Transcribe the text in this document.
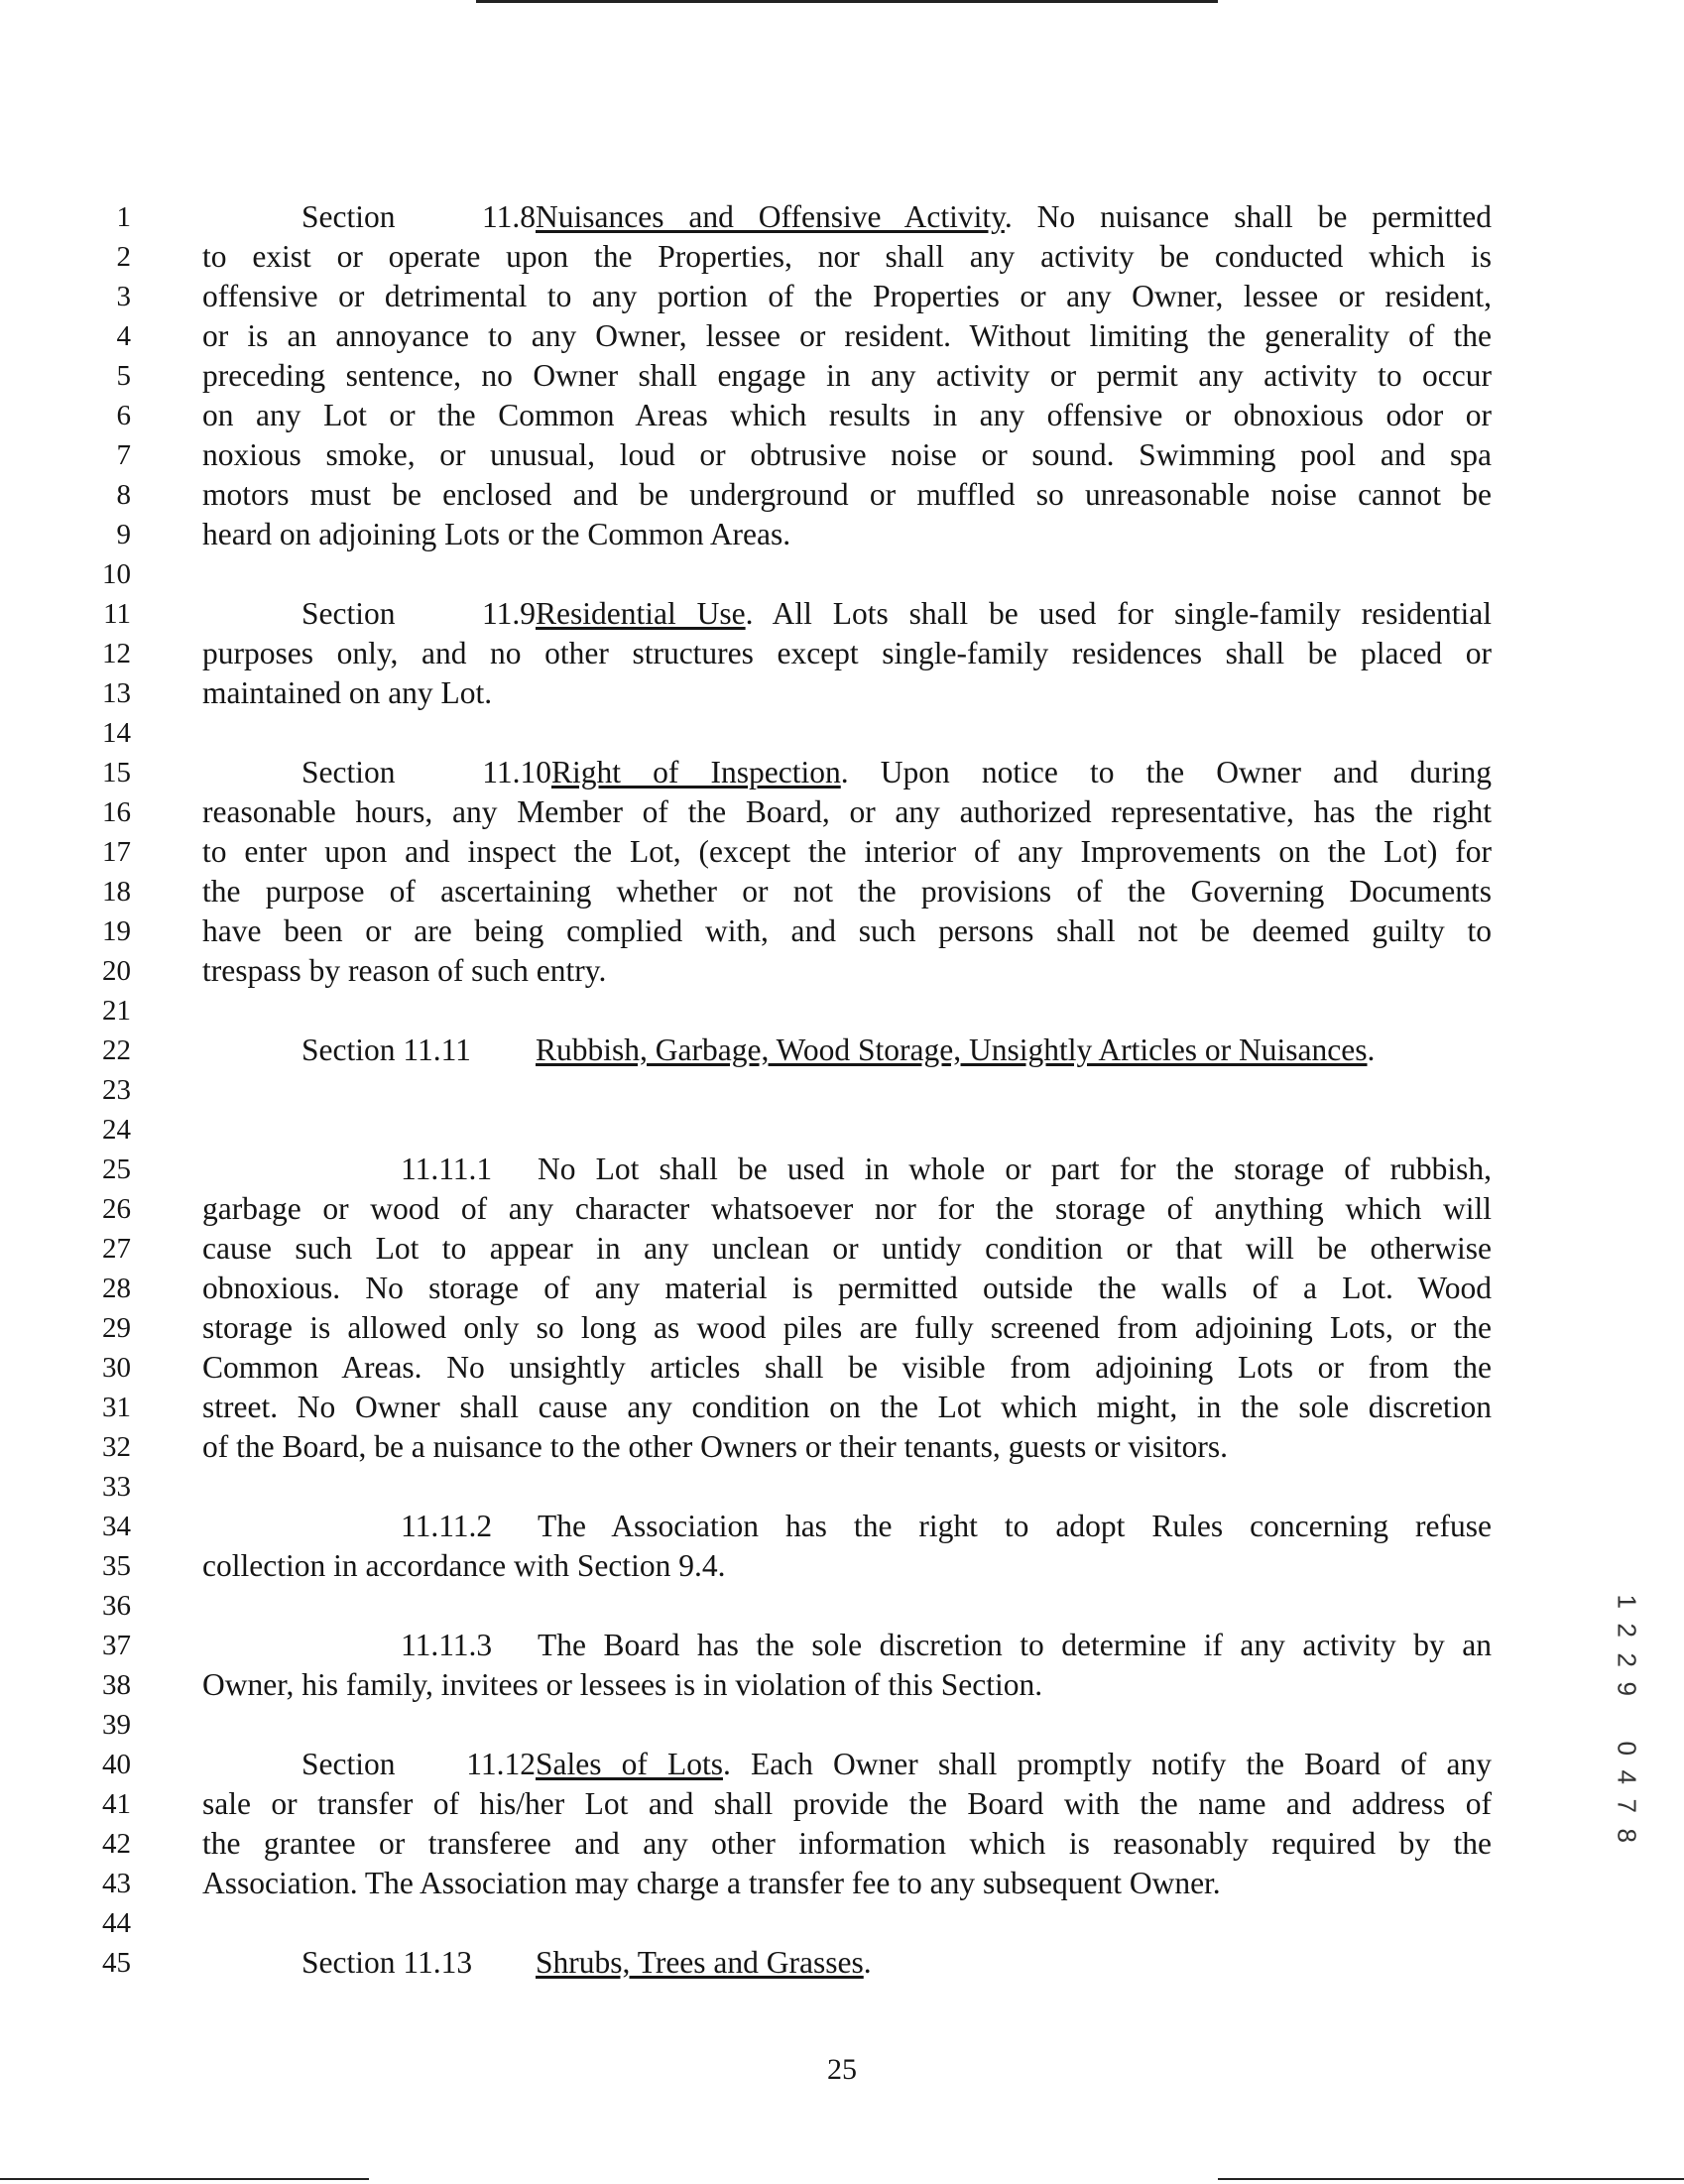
1
2
3
4
5
6
7
8
9
10
11
12
13
14
15
16
17
18
19
20
21
22
23
24
25
26
27
28
29
30
31
32
33
34
35
36
37
38
39
40
41
42
43
44
45
Section 11.8Nuisances and Offensive Activity. No nuisance shall be permitted
to exist or operate upon the Properties, nor shall any activity be conducted which is
offensive or detrimental to any portion of the Properties or any Owner, lessee or resident,
or is an annoyance to any Owner, lessee or resident. Without limiting the generality of the
preceding sentence, no Owner shall engage in any activity or permit any activity to occur
on any Lot or the Common Areas which results in any offensive or obnoxious odor or
noxious smoke, or unusual, loud or obtrusive noise or sound. Swimming pool and spa
motors must be enclosed and be underground or muffled so unreasonable noise cannot be
heard on adjoining Lots or the Common Areas.
Section 11.9Residential Use. All Lots shall be used for single-family residential
purposes only, and no other structures except single-family residences shall be placed or
maintained on any Lot.
Section 11.10Right of Inspection. Upon notice to the Owner and during
reasonable hours, any Member of the Board, or any authorized representative, has the right
to enter upon and inspect the Lot, (except the interior of any Improvements on the Lot) for
the purpose of ascertaining whether or not the provisions of the Governing Documents
have been or are being complied with, and such persons shall not be deemed guilty to
trespass by reason of such entry.
Section 11.11 Rubbish, Garbage, Wood Storage, Unsightly Articles or Nuisances.
11.11.1 No Lot shall be used in whole or part for the storage of rubbish,
garbage or wood of any character whatsoever nor for the storage of anything which will
cause such Lot to appear in any unclean or untidy condition or that will be otherwise
obnoxious. No storage of any material is permitted outside the walls of a Lot. Wood
storage is allowed only so long as wood piles are fully screened from adjoining Lots, or the
Common Areas. No unsightly articles shall be visible from adjoining Lots or from the
street. No Owner shall cause any condition on the Lot which might, in the sole discretion
of the Board, be a nuisance to the other Owners or their tenants, guests or visitors.
11.11.2 The Association has the right to adopt Rules concerning refuse
collection in accordance with Section 9.4.
11.11.3 The Board has the sole discretion to determine if any activity by an
Owner, his family, invitees or lessees is in violation of this Section.
Section 11.12Sales of Lots. Each Owner shall promptly notify the Board of any
sale or transfer of his/her Lot and shall provide the Board with the name and address of
the grantee or transferee and any other information which is reasonably required by the
Association. The Association may charge a transfer fee to any subsequent Owner.
Section 11.13 Shrubs, Trees and Grasses.
25
1
2
2
9
0
4
7
8
